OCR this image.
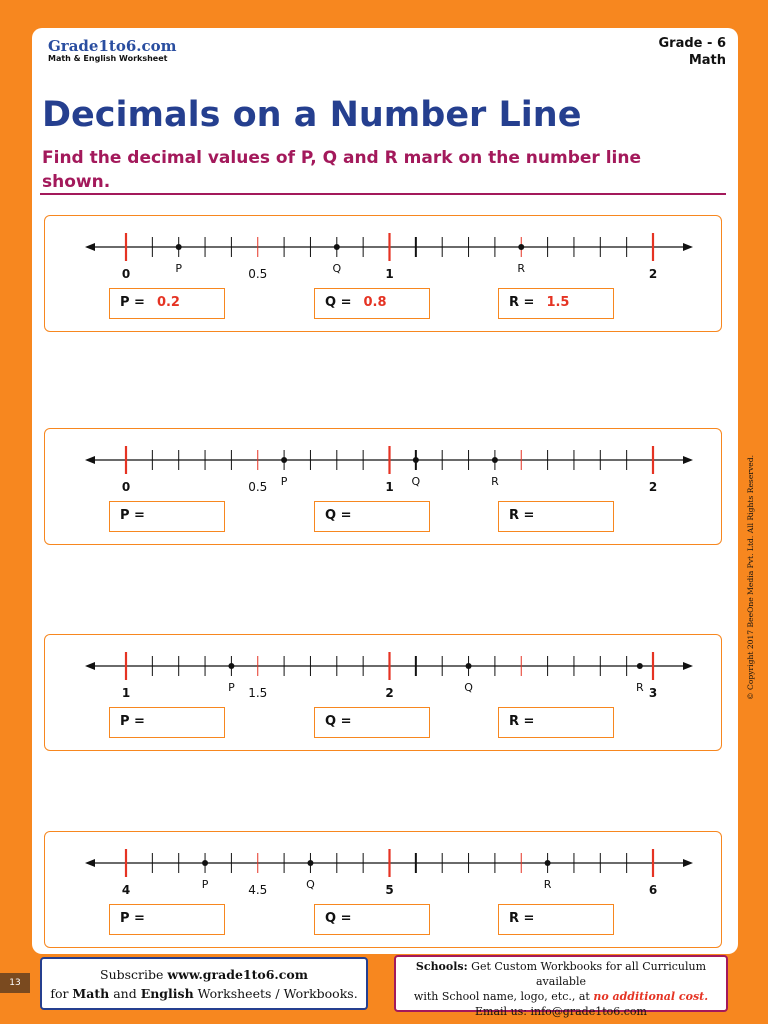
Grade1to6.com
Math & English Worksheet
Grade - 6
Math
Decimals on a Number Line
Find the decimal values of P, Q and R mark on the number line shown.
0	0.5	1	2
P	Q	R
P = 0.2	Q = 0.8	R = 1.5
0	0.5	1	2
P	Q	R
P =	Q =	R =
1	1.5	2	3
P	Q	R
P =	Q =	R =
4	4.5	5	6
P	Q	R
P =	Q =	R =
© Copyright 2017 BeeOne Media Pvt. Ltd. All Rights Reserved.
13
Subscribe www.grade1to6.com
for Math and English Worksheets / Workbooks.
Schools: Get Custom Workbooks for all Curriculum available
with School name, logo, etc., at no additional cost.
Email us: info@grade1to6.com
